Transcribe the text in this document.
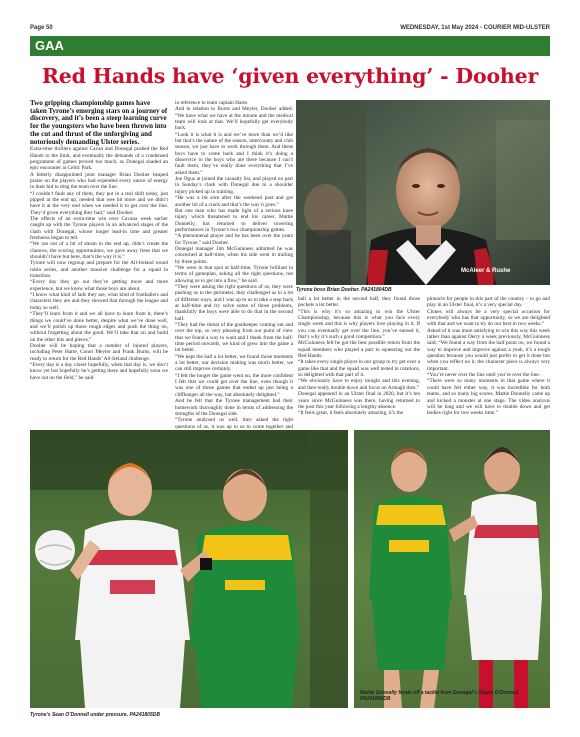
Page 50	WEDNESDAY, 1st May 2024 - COURIER MID-ULSTER
GAA
Red Hands have ‘given everything’ - Dooher

Two gripping championship games have taken Tyrone’s emerging stars on a journey of discovery, and it’s been a steep learning curve for the youngsters who have been thrown into the cut and thrust of the unforgiving and notoriously demanding Ulster series.

Extra-time thrillers against Cavan and Donegal pushed the Red Hands to the limit, and eventually the demands of a condensed programme of games proved too much, as Donegal shaded an epic encounter at Celtic Park.

A bitterly disappointed joint manager Brian Dooher heaped praise on the players who had expended every ounce of energy in their bid to drag the team over the line.

“I couldn’t fault any of them, they put in a real shift today, just pipped at the end up, needed that wee bit more and we didn’t have it at the very end when we needed it to get over the line. They’d given everything they had,” said Dooher.

The effects of an extra-time win over Cavana week earlier caught up with the Tyrone players in an advanced stages of the clash with Donegal, whose longer lead-in time and greater freshness began to tell.

“We ran out of a bit of steam in the end up, didn’t create the chances, the scoring opportunities, we gave away frees that we shouldn’t have but here, that’s the way it is.”

Tyrone will now regroup and prepare for the All-Ireland round robin series, and another massive challenge for a squad in transition.

“Every day they go out they’re getting more and more experience, but we know what those boys are about.

“I know what kind of lads they are, what kind of footballers and characters they are and they showed that through the league and today as well.

“They’ll learn from it and we all have to learn from it, there’s things we could’ve done better, despite what we’ve done well, and we’ll polish up those rough edges and push the thing on, without forgetting about the good. We’ll take that on and build on the other bits and pieces.”

Dooher will be hoping that a number of injured players, including Peter Harte, Conor Meyler and Frank Burns, will be ready to return for the Red Hands’ All-Ireland challenge.

“Every day is a day closer hopefully, when that day is, we don’t know yet but hopefully he’s getting there and hopefully soon we have out on the field,” he said

in reference to team captain Harte.

And in relation to Burns and Meyler, Dooher added: “We have what we have at the minute and the medical team will look at that. We’ll hopefully get everybody back.

“Look it is what it is and we’ve more than we’d like but that’s the nature of the season, intercounty and club season, we just have to work through them. And these boys have to come back and I think it’s doing a disservice to the boys who are there because I can’t fault them, they’ve really done everything that I’ve asked them.”

Joe Oguz at joined the casualty list, and played no part in Sunday’s clash with Donegal due to a shoulder injury picked up in training.

“He was a bit sore after the weekend past and got another bit of a crack and that’s the way it goes.”

But one man who has made light of a serious knee injury which threatened to end his career, Mattie Donnelly, has returned to deliver towering performances in Tyrone’s two championship games.

“A phenomenal player and he has been over the years for Tyrone,” said Dooher.

Donegal manager Jim McGuinness admitted he was concerned at half-time, when his side went in trailing by three points.

“We were in that spot at half-time, Tyrone brilliant in terms of gameplan, asking all the right questions, not allowing us to get into a flow,” he said.

“They were asking the right questions of us, they were pushing us to the perimeter, they challenged us in a lot of different ways, and I was up to us to take a step back at half-time and try solve some of those problems, thankfully the boys were able to do that in the second half.

“They had the threat of the goalkeeper coming out and over the top, so very pleasing from our point of view that we found a way to want and I thank from the half-time period onwards, we kind of grew into the game a lot better.

“We kept the ball a lot better, we found those moments a lot better, our decision making was much better, we can still improve certainly.

“I felt the longer the game went on, the more confident I felt that we could get over the line, even though it was one of those games that ended up just being a cliffhanger all the way, but absolutely delighted.”

And he felt that the Tyrone management had their homework thoroughly done in terms of addressing the strengths of the Donegal side.

“Tyrone analysed us well, they asked the right questions of us, it was up to us to come together and

McAleer & Rushe
Tyrone boss Brian Dooher. PA241804DB

ball a lot better in the second half, they found those pockets a lot better.

“This is why it’s so amazing to win the Ulster Championship, because this is what you face every single week and this is why players love playing in it. If you can eventually get over the line, you’ve earned it, that’s why it’s such a good competition.”

McGuinness felt he got the best possible return from the squad members who played a part in squeezing out the Red Hands.

“It takes every single player in our group to try get over a game like that and the squad was well tested in rotations, so delighted with that part of it.

“We obviously have to enjoy tonight and this evening, and then really double down and focus on Armagh then.”

Donegal appeared in an Ulster final in 2020, but it’s ten years since McGuinness was there, having returned to the post this year following a lengthy absence.

“It feels great, it feels absolutely amazing, it’s the

pinnacle for people in this part of the country – to go and play in an Ulster final, it’s a very special day.

Clones will always be a very special occasion for everybody who has that opportunity, so we are delighted with that and we want to try do our best in two weeks.”

Asked of it was more satisfying to win this way this week rather than against Derry a week previously, McGuinness said: “We found a way from the half point on, we found a way to improve and improve against a yeah, it’s a tough question because you would just prefer to get it done but when you reflect on it, the character piece is always very important.

“You’re never over the line until you’re over the line.

“There were so many moments in that game where it could have fell either way, it was incredible for both teams, and so many big scores. Mattie Donnelly came up and kicked a monster at one stage. The video analysis will be long and we will have to double down and get bodies right for two weeks time.”

Tyrone’s Sean O’Donnell under pressure. PA241805DB
Mattie Donnelly fends off a tackle from Donegal’s Shane O’Donnell. PA241806DB
